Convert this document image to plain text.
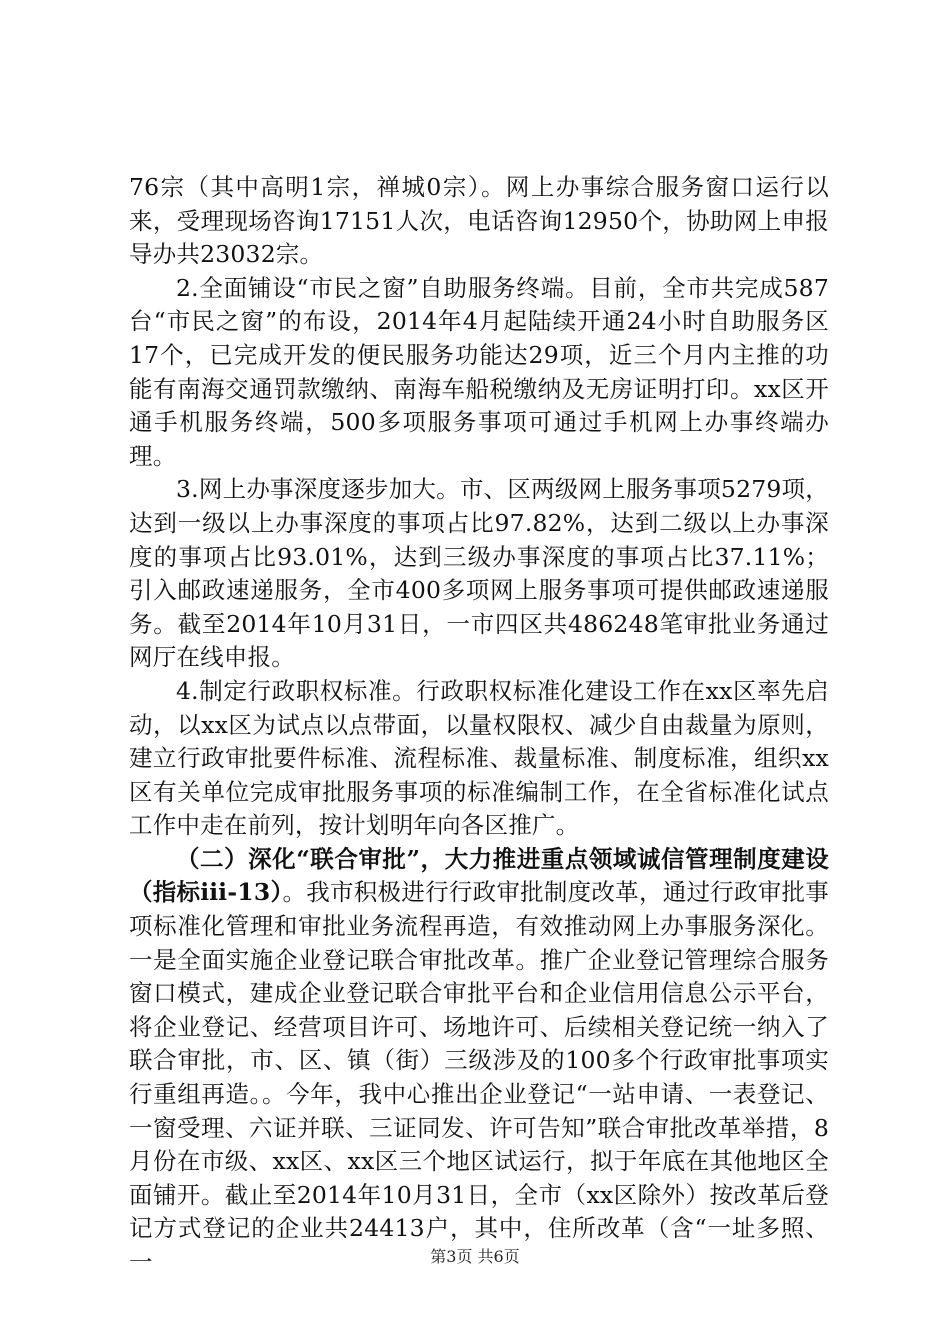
76宗（其中高明1宗，禅城0宗）。网上办事综合服务窗口运行以来，受理现场咨询17151人次，电话咨询12950个，协助网上申报导办共23032宗。

2.全面铺设“市民之窗”自助服务终端。目前，全市共完成587台“市民之窗”的布设，2014年4月起陆续开通24小时自助服务区17个，已完成开发的便民服务功能达29项，近三个月内主推的功能有南海交通罚款缴纳、南海车船税缴纳及无房证明打印。xx区开通手机服务终端，500多项服务事项可通过手机网上办事终端办理。

3.网上办事深度逐步加大。市、区两级网上服务事项5279项，达到一级以上办事深度的事项占比97.82%，达到二级以上办事深度的事项占比93.01%，达到三级办事深度的事项占比37.11%；引入邮政速递服务，全市400多项网上服务事项可提供邮政速递服务。截至2014年10月31日，一市四区共486248笔审批业务通过网厅在线申报。

4.制定行政职权标准。行政职权标准化建设工作在xx区率先启动，以xx区为试点以点带面，以量权限权、减少自由裁量为原则，建立行政审批要件标准、流程标准、裁量标准、制度标准，组织xx区有关单位完成审批服务事项的标准编制工作，在全省标准化试点工作中走在前列，按计划明年向各区推广。

（二）深化“联合审批”，大力推进重点领域诚信管理制度建设（指标ⅲ-13）。我市积极进行行政审批制度改革，通过行政审批事项标准化管理和审批业务流程再造，有效推动网上办事服务深化。一是全面实施企业登记联合审批改革。推广企业登记管理综合服务窗口模式，建成企业登记联合审批平台和企业信用信息公示平台，将企业登记、经营项目许可、场地许可、后续相关登记统一纳入了联合审批，市、区、镇（街）三级涉及的100多个行政审批事项实行重组再造。。今年，我中心推出企业登记“一站申请、一表登记、一窗受理、六证并联、三证同发、许可告知”联合审批改革举措，8月份在市级、xx区、xx区三个地区试运行，拟于年底在其他地区全面铺开。截止至2014年10月31日，全市（xx区除外）按改革后登记方式登记的企业共24413户，其中，住所改革（含“一址多照、一	第3页 共6页
